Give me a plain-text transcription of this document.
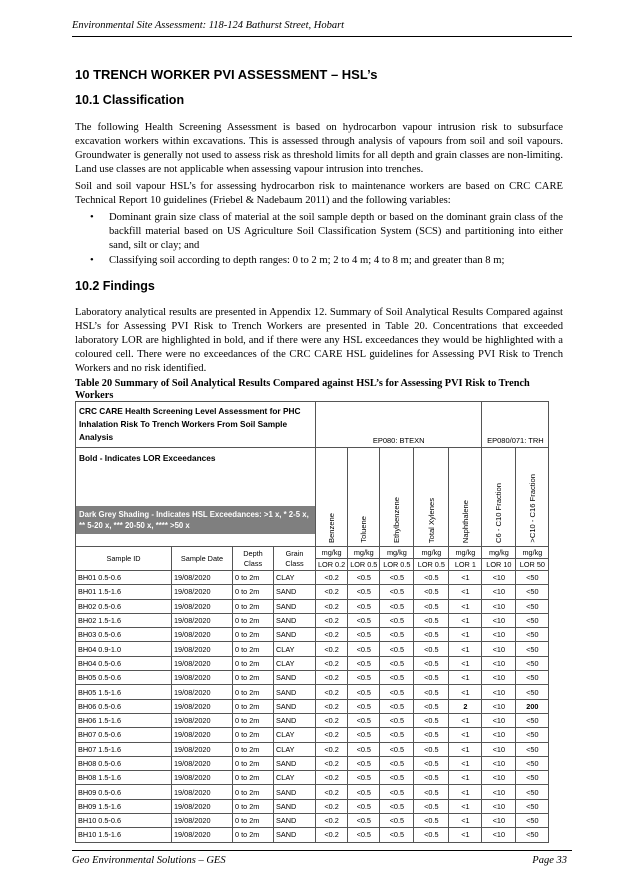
Environmental Site Assessment: 118-124 Bathurst Street, Hobart
10 TRENCH WORKER PVI ASSESSMENT – HSL’s
10.1 Classification
The following Health Screening Assessment is based on hydrocarbon vapour intrusion risk to subsurface excavation workers within excavations. This is assessed through analysis of vapours from soil and soil vapours. Groundwater is generally not used to assess risk as threshold limits for all depth and grain classes are non-limiting. Land use classes are not applicable when assessing vapour intrusion into trenches.
Soil and soil vapour HSL’s for assessing hydrocarbon risk to maintenance workers are based on CRC CARE Technical Report 10 guidelines (Friebel & Nadebaum 2011) and the following variables:
• Dominant grain size class of material at the soil sample depth or based on the dominant grain class of the backfill material based on US Agriculture Soil Classification System (SCS) and partitioning into either sand, silt or clay; and
• Classifying soil according to depth ranges: 0 to 2 m; 2 to 4 m; 4 to 8 m; and greater than 8 m;
10.2 Findings
Laboratory analytical results are presented in Appendix 12. Summary of Soil Analytical Results Compared against HSL’s for Assessing PVI Risk to Trench Workers are presented in Table 20. Concentrations that exceeded laboratory LOR are highlighted in bold, and if there were any HSL exceedances they would be highlighted with a coloured cell. There were no exceedances of the CRC CARE HSL guidelines for Assessing PVI Risk to Trench Workers and no risk identified.
Table 20 Summary of Soil Analytical Results Compared against HSL’s for Assessing PVI Risk to Trench Workers
CRC CARE Health Screening Level Assessment for PHC Inhalation Risk To Trench Workers From Soil Sample Analysis				EP080: BTEXN					EP080/071: TRH	

Bold - Indicates LOR Exceedances
Dark Grey Shading - Indicates HSL Exceedances: >1 x, * 2-5 x, ** 5-20 x, *** 20-50 x, **** >50 x				Benzene	Toluene	Ethylbenzene	Total Xylenes	Naphthalene	C6 - C10 Fraction	>C10 - C16 Fraction

Sample ID	Sample Date	Depth Class	Grain Class	mg/kg	mg/kg	mg/kg	mg/kg	mg/kg	mg/kg	mg/kg
				LOR 0.2	LOR 0.5	LOR 0.5	LOR 0.5	LOR 1	LOR 10	LOR 50
BH01 0.5-0.6	19/08/2020	0 to 2m	CLAY	<0.2	<0.5	<0.5	<0.5	<1	<10	<50
BH01 1.5-1.6	19/08/2020	0 to 2m	SAND	<0.2	<0.5	<0.5	<0.5	<1	<10	<50
BH02 0.5-0.6	19/08/2020	0 to 2m	SAND	<0.2	<0.5	<0.5	<0.5	<1	<10	<50
BH02 1.5-1.6	19/08/2020	0 to 2m	SAND	<0.2	<0.5	<0.5	<0.5	<1	<10	<50
BH03 0.5-0.6	19/08/2020	0 to 2m	SAND	<0.2	<0.5	<0.5	<0.5	<1	<10	<50
BH04 0.9-1.0	19/08/2020	0 to 2m	CLAY	<0.2	<0.5	<0.5	<0.5	<1	<10	<50
BH04 0.5-0.6	19/08/2020	0 to 2m	CLAY	<0.2	<0.5	<0.5	<0.5	<1	<10	<50
BH05 0.5-0.6	19/08/2020	0 to 2m	SAND	<0.2	<0.5	<0.5	<0.5	<1	<10	<50
BH05 1.5-1.6	19/08/2020	0 to 2m	SAND	<0.2	<0.5	<0.5	<0.5	<1	<10	<50
BH06 0.5-0.6	19/08/2020	0 to 2m	SAND	<0.2	<0.5	<0.5	<0.5	2	<10	200
BH06 1.5-1.6	19/08/2020	0 to 2m	SAND	<0.2	<0.5	<0.5	<0.5	<1	<10	<50
BH07 0.5-0.6	19/08/2020	0 to 2m	CLAY	<0.2	<0.5	<0.5	<0.5	<1	<10	<50
BH07 1.5-1.6	19/08/2020	0 to 2m	CLAY	<0.2	<0.5	<0.5	<0.5	<1	<10	<50
BH08 0.5-0.6	19/08/2020	0 to 2m	SAND	<0.2	<0.5	<0.5	<0.5	<1	<10	<50
BH08 1.5-1.6	19/08/2020	0 to 2m	CLAY	<0.2	<0.5	<0.5	<0.5	<1	<10	<50
BH09 0.5-0.6	19/08/2020	0 to 2m	SAND	<0.2	<0.5	<0.5	<0.5	<1	<10	<50
BH09 1.5-1.6	19/08/2020	0 to 2m	SAND	<0.2	<0.5	<0.5	<0.5	<1	<10	<50
BH10 0.5-0.6	19/08/2020	0 to 2m	SAND	<0.2	<0.5	<0.5	<0.5	<1	<10	<50
BH10 1.5-1.6	19/08/2020	0 to 2m	SAND	<0.2	<0.5	<0.5	<0.5	<1	<10	<50
Geo Environmental Solutions – GES	Page 33
